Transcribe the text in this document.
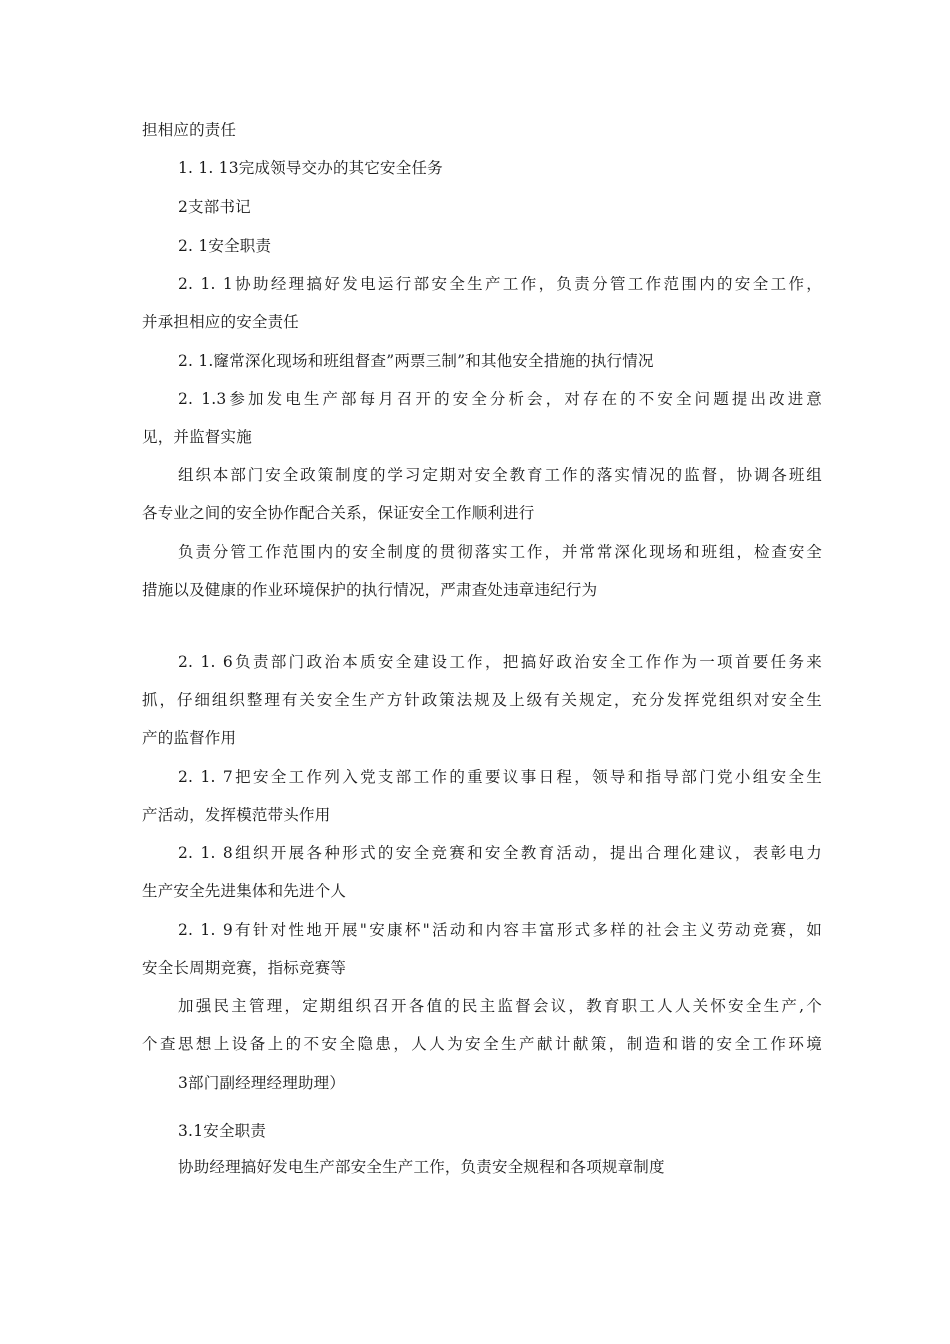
担相应的责任
1. 1. 13完成领导交办的其它安全任务
2支部书记
2. 1安全职责
2. 1. 1协助经理搞好发电运行部安全生产工作，负责分管工作范围内的安全工作，
并承担相应的安全责任
2. 1.窿常深化现场和班组督查”两票三制”和其他安全措施的执行情况
2. 1.3参加发电生产部每月召开的安全分析会，对存在的不安全问题提出改进意
见，并监督实施
组织本部门安全政策制度的学习定期对安全教育工作的落实情况的监督，协调各班组
各专业之间的安全协作配合关系，保证安全工作顺利进行
负责分管工作范围内的安全制度的贯彻落实工作，并常常深化现场和班组，检查安全
措施以及健康的作业环境保护的执行情况，严肃查处违章违纪行为
2. 1. 6负责部门政治本质安全建设工作，把搞好政治安全工作作为一项首要任务来
抓，仔细组织整理有关安全生产方针政策法规及上级有关规定，充分发挥党组织对安全生
产的监督作用
2. 1. 7把安全工作列入党支部工作的重要议事日程，领导和指导部门党小组安全生
产活动，发挥模范带头作用
2. 1. 8组织开展各种形式的安全竞赛和安全教育活动，提出合理化建议，表彰电力
生产安全先进集体和先进个人
2. 1. 9有针对性地开展"安康杯"活动和内容丰富形式多样的社会主义劳动竞赛，如
安全长周期竞赛，指标竞赛等
加强民主管理，定期组织召开各值的民主监督会议，教育职工人人关怀安全生产,个
个查思想上设备上的不安全隐患，人人为安全生产献计献策，制造和谐的安全工作环境
3部门副经理经理助理）
3.1安全职责
协助经理搞好发电生产部安全生产工作，负责安全规程和各项规章制度
